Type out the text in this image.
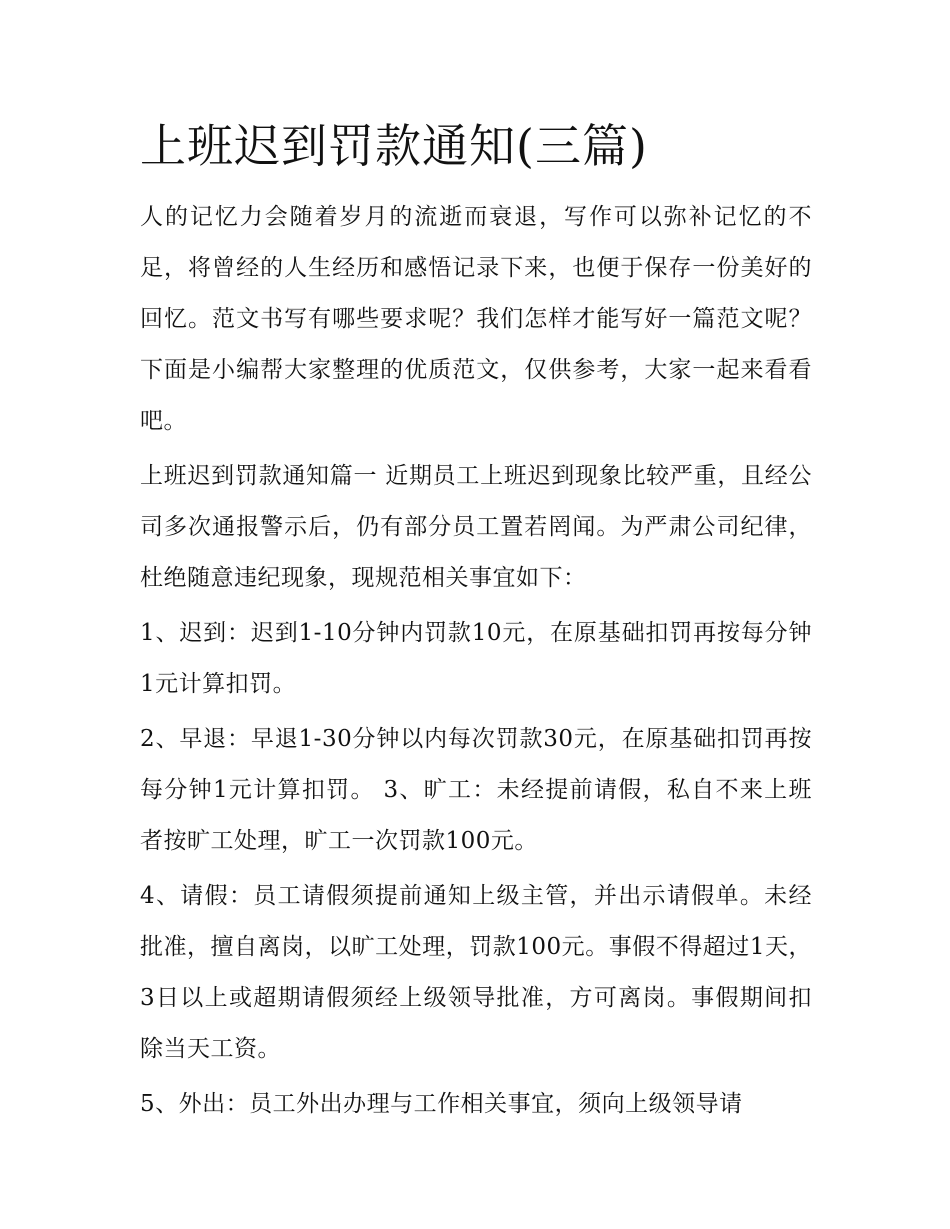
上班迟到罚款通知(三篇)

人的记忆力会随着岁月的流逝而衰退，写作可以弥补记忆的不足，将曾经的人生经历和感悟记录下来，也便于保存一份美好的回忆。范文书写有哪些要求呢？我们怎样才能写好一篇范文呢？下面是小编帮大家整理的优质范文，仅供参考，大家一起来看看吧。

上班迟到罚款通知篇一 近期员工上班迟到现象比较严重，且经公司多次通报警示后，仍有部分员工置若罔闻。为严肃公司纪律，杜绝随意违纪现象，现规范相关事宜如下：

1、迟到：迟到1-10分钟内罚款10元，在原基础扣罚再按每分钟1元计算扣罚。

2、早退：早退1-30分钟以内每次罚款30元，在原基础扣罚再按每分钟1元计算扣罚。 3、旷工：未经提前请假，私自不来上班者按旷工处理，旷工一次罚款100元。

4、请假：员工请假须提前通知上级主管，并出示请假单。未经批准，擅自离岗，以旷工处理，罚款100元。事假不得超过1天，3日以上或超期请假须经上级领导批准，方可离岗。事假期间扣除当天工资。

5、外出：员工外出办理与工作相关事宜，须向上级领导请
